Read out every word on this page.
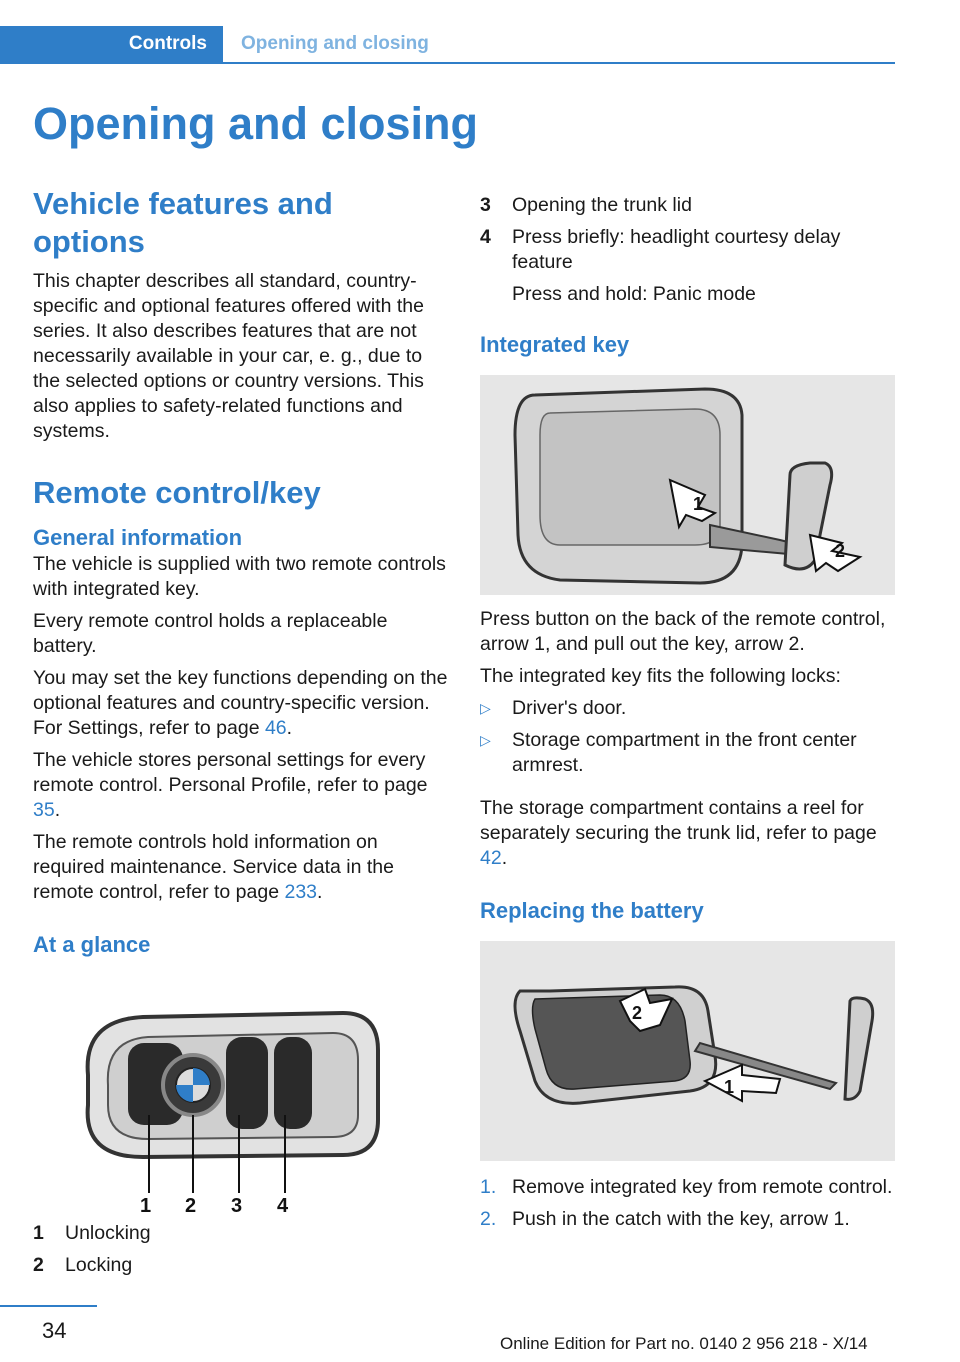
Controls	Opening and closing
Opening and closing
Vehicle features and options

This chapter describes all standard, country-specific and optional features offered with the series. It also describes features that are not necessarily available in your car, e. g., due to the selected options or country versions. This also applies to safety-related functions and systems.

Remote control/key
General information

The vehicle is supplied with two remote controls with integrated key.

Every remote control holds a replaceable battery.

You may set the key functions depending on the optional features and country-specific version. For Settings, refer to page 46.

The vehicle stores personal settings for every remote control. Personal Profile, refer to page 35.

The remote controls hold information on required maintenance. Service data in the remote control, refer to page 233.

At a glance
1 2 3 4
1	Unlocking
2	Locking
3	Opening the trunk lid
4	Press briefly: headlight courtesy delay feature
Press and hold: Panic mode
Integrated key
1
2

Press button on the back of the remote control, arrow 1, and pull out the key, arrow 2.

The integrated key fits the following locks:

▷	Driver's door.
▷	Storage compartment in the front center armrest.

The storage compartment contains a reel for separately securing the trunk lid, refer to page 42.

Replacing the battery
2
1
1. Remove integrated key from remote control.
2. Push in the catch with the key, arrow 1.
34
Online Edition for Part no. 0140 2 956 218 - X/14
